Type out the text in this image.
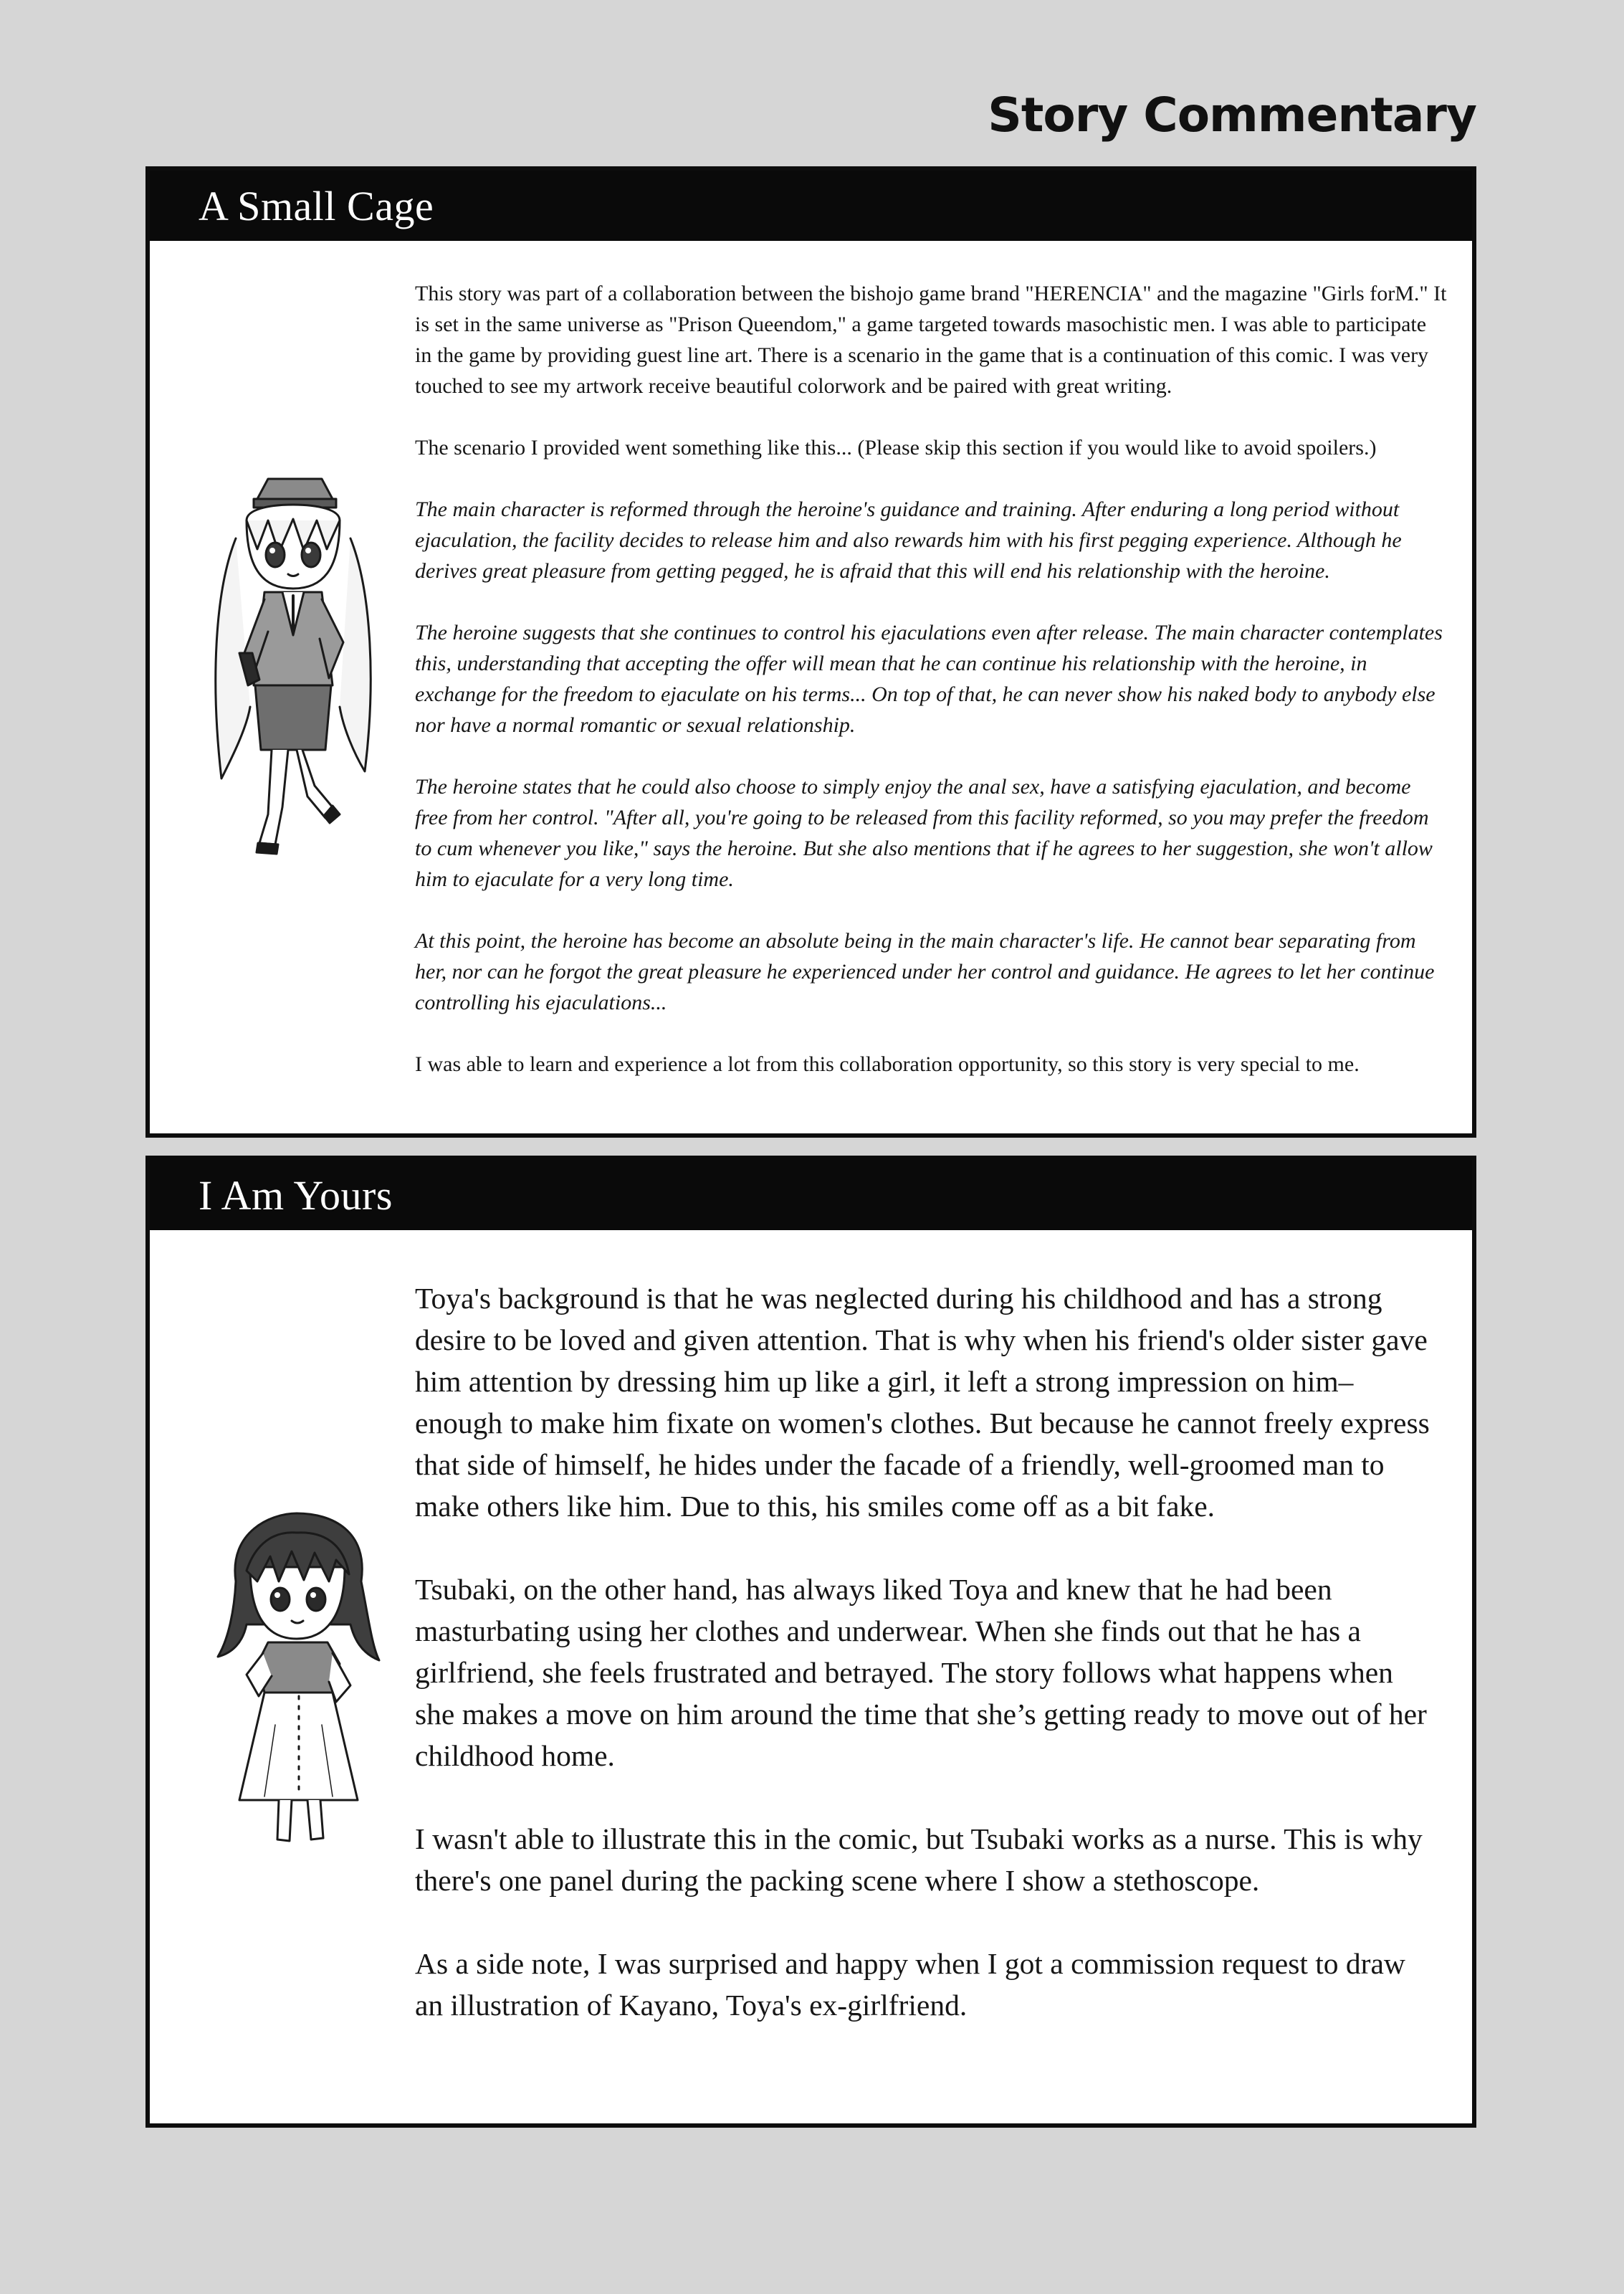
Story Commentary
A Small Cage

This story was part of a collaboration between the bishojo game brand "HERENCIA" and the magazine "Girls forM." It is set in the same universe as "Prison Queendom," a game targeted towards masochistic men. I was able to participate in the game by providing guest line art. There is a scenario in the game that is a continuation of this comic. I was very touched to see my artwork receive beautiful colorwork and be paired with great writing.

The scenario I provided went something like this... (Please skip this section if you would like to avoid spoilers.)

The main character is reformed through the heroine's guidance and training. After enduring a long period without ejaculation, the facility decides to release him and also rewards him with his first pegging experience. Although he derives great pleasure from getting pegged, he is afraid that this will end his relationship with the heroine.

The heroine suggests that she continues to control his ejaculations even after release. The main character contemplates this, understanding that accepting the offer will mean that he can continue his relationship with the heroine, in exchange for the freedom to ejaculate on his terms... On top of that, he can never show his naked body to anybody else nor have a normal romantic or sexual relationship.

The heroine states that he could also choose to simply enjoy the anal sex, have a satisfying ejaculation, and become free from her control. "After all, you're going to be released from this facility reformed, so you may prefer the freedom to cum whenever you like," says the heroine. But she also mentions that if he agrees to her suggestion, she won't allow him to ejaculate for a very long time.

At this point, the heroine has become an absolute being in the main character's life. He cannot bear separating from her, nor can he forgot the great pleasure he experienced under her control and guidance. He agrees to let her continue controlling his ejaculations...

I was able to learn and experience a lot from this collaboration opportunity, so this story is very special to me.

I Am Yours

Toya's background is that he was neglected during his childhood and has a strong desire to be loved and given attention. That is why when his friend's older sister gave him attention by dressing him up like a girl, it left a strong impression on him– enough to make him fixate on women's clothes. But because he cannot freely express that side of himself, he hides under the facade of a friendly, well-groomed man to make others like him. Due to this, his smiles come off as a bit fake.

Tsubaki, on the other hand, has always liked Toya and knew that he had been masturbating using her clothes and underwear. When she finds out that he has a girlfriend, she feels frustrated and betrayed. The story follows what happens when she makes a move on him around the time that she’s getting ready to move out of her childhood home.

I wasn't able to illustrate this in the comic, but Tsubaki works as a nurse. This is why there's one panel during the packing scene where I show a stethoscope.

As a side note, I was surprised and happy when I got a commission request to draw an illustration of Kayano, Toya's ex-girlfriend.
